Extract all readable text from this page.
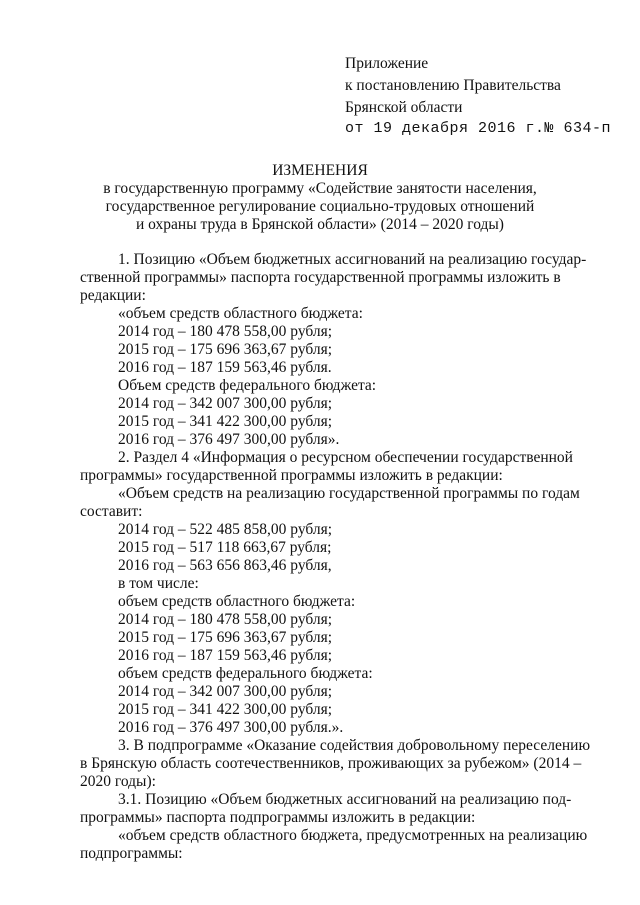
Приложение
к постановлению Правительства
Брянской области
от 19 декабря 2016 г.№ 634-п
ИЗМЕНЕНИЯ
в государственную программу «Содействие занятости населения,
государственное регулирование социально-трудовых отношений
и охраны труда в Брянской области» (2014 – 2020 годы)
1. Позицию «Объем бюджетных ассигнований на реализацию государ-
ственной программы» паспорта государственной программы изложить в
редакции:
«объем средств областного бюджета:
2014 год – 180 478 558,00 рубля;
2015 год – 175 696 363,67 рубля;
2016 год – 187 159 563,46 рубля.
Объем средств федерального бюджета:
2014 год – 342 007 300,00 рубля;
2015 год – 341 422 300,00 рубля;
2016 год – 376 497 300,00 рубля».
2. Раздел 4 «Информация о ресурсном обеспечении государственной
программы» государственной программы изложить в редакции:
«Объем средств на реализацию государственной программы по годам
составит:
2014 год – 522 485 858,00 рубля;
2015 год – 517 118 663,67 рубля;
2016 год – 563 656 863,46 рубля,
в том числе:
объем средств областного бюджета:
2014 год – 180 478 558,00 рубля;
2015 год – 175 696 363,67 рубля;
2016 год – 187 159 563,46 рубля;
объем средств федерального бюджета:
2014 год – 342 007 300,00 рубля;
2015 год – 341 422 300,00 рубля;
2016 год – 376 497 300,00 рубля.».
3. В подпрограмме «Оказание содействия добровольному переселению
в Брянскую область соотечественников, проживающих за рубежом» (2014 –
2020 годы):
3.1. Позицию «Объем бюджетных ассигнований на реализацию под-
программы» паспорта подпрограммы изложить в редакции:
«объем средств областного бюджета, предусмотренных на реализацию
подпрограммы:
